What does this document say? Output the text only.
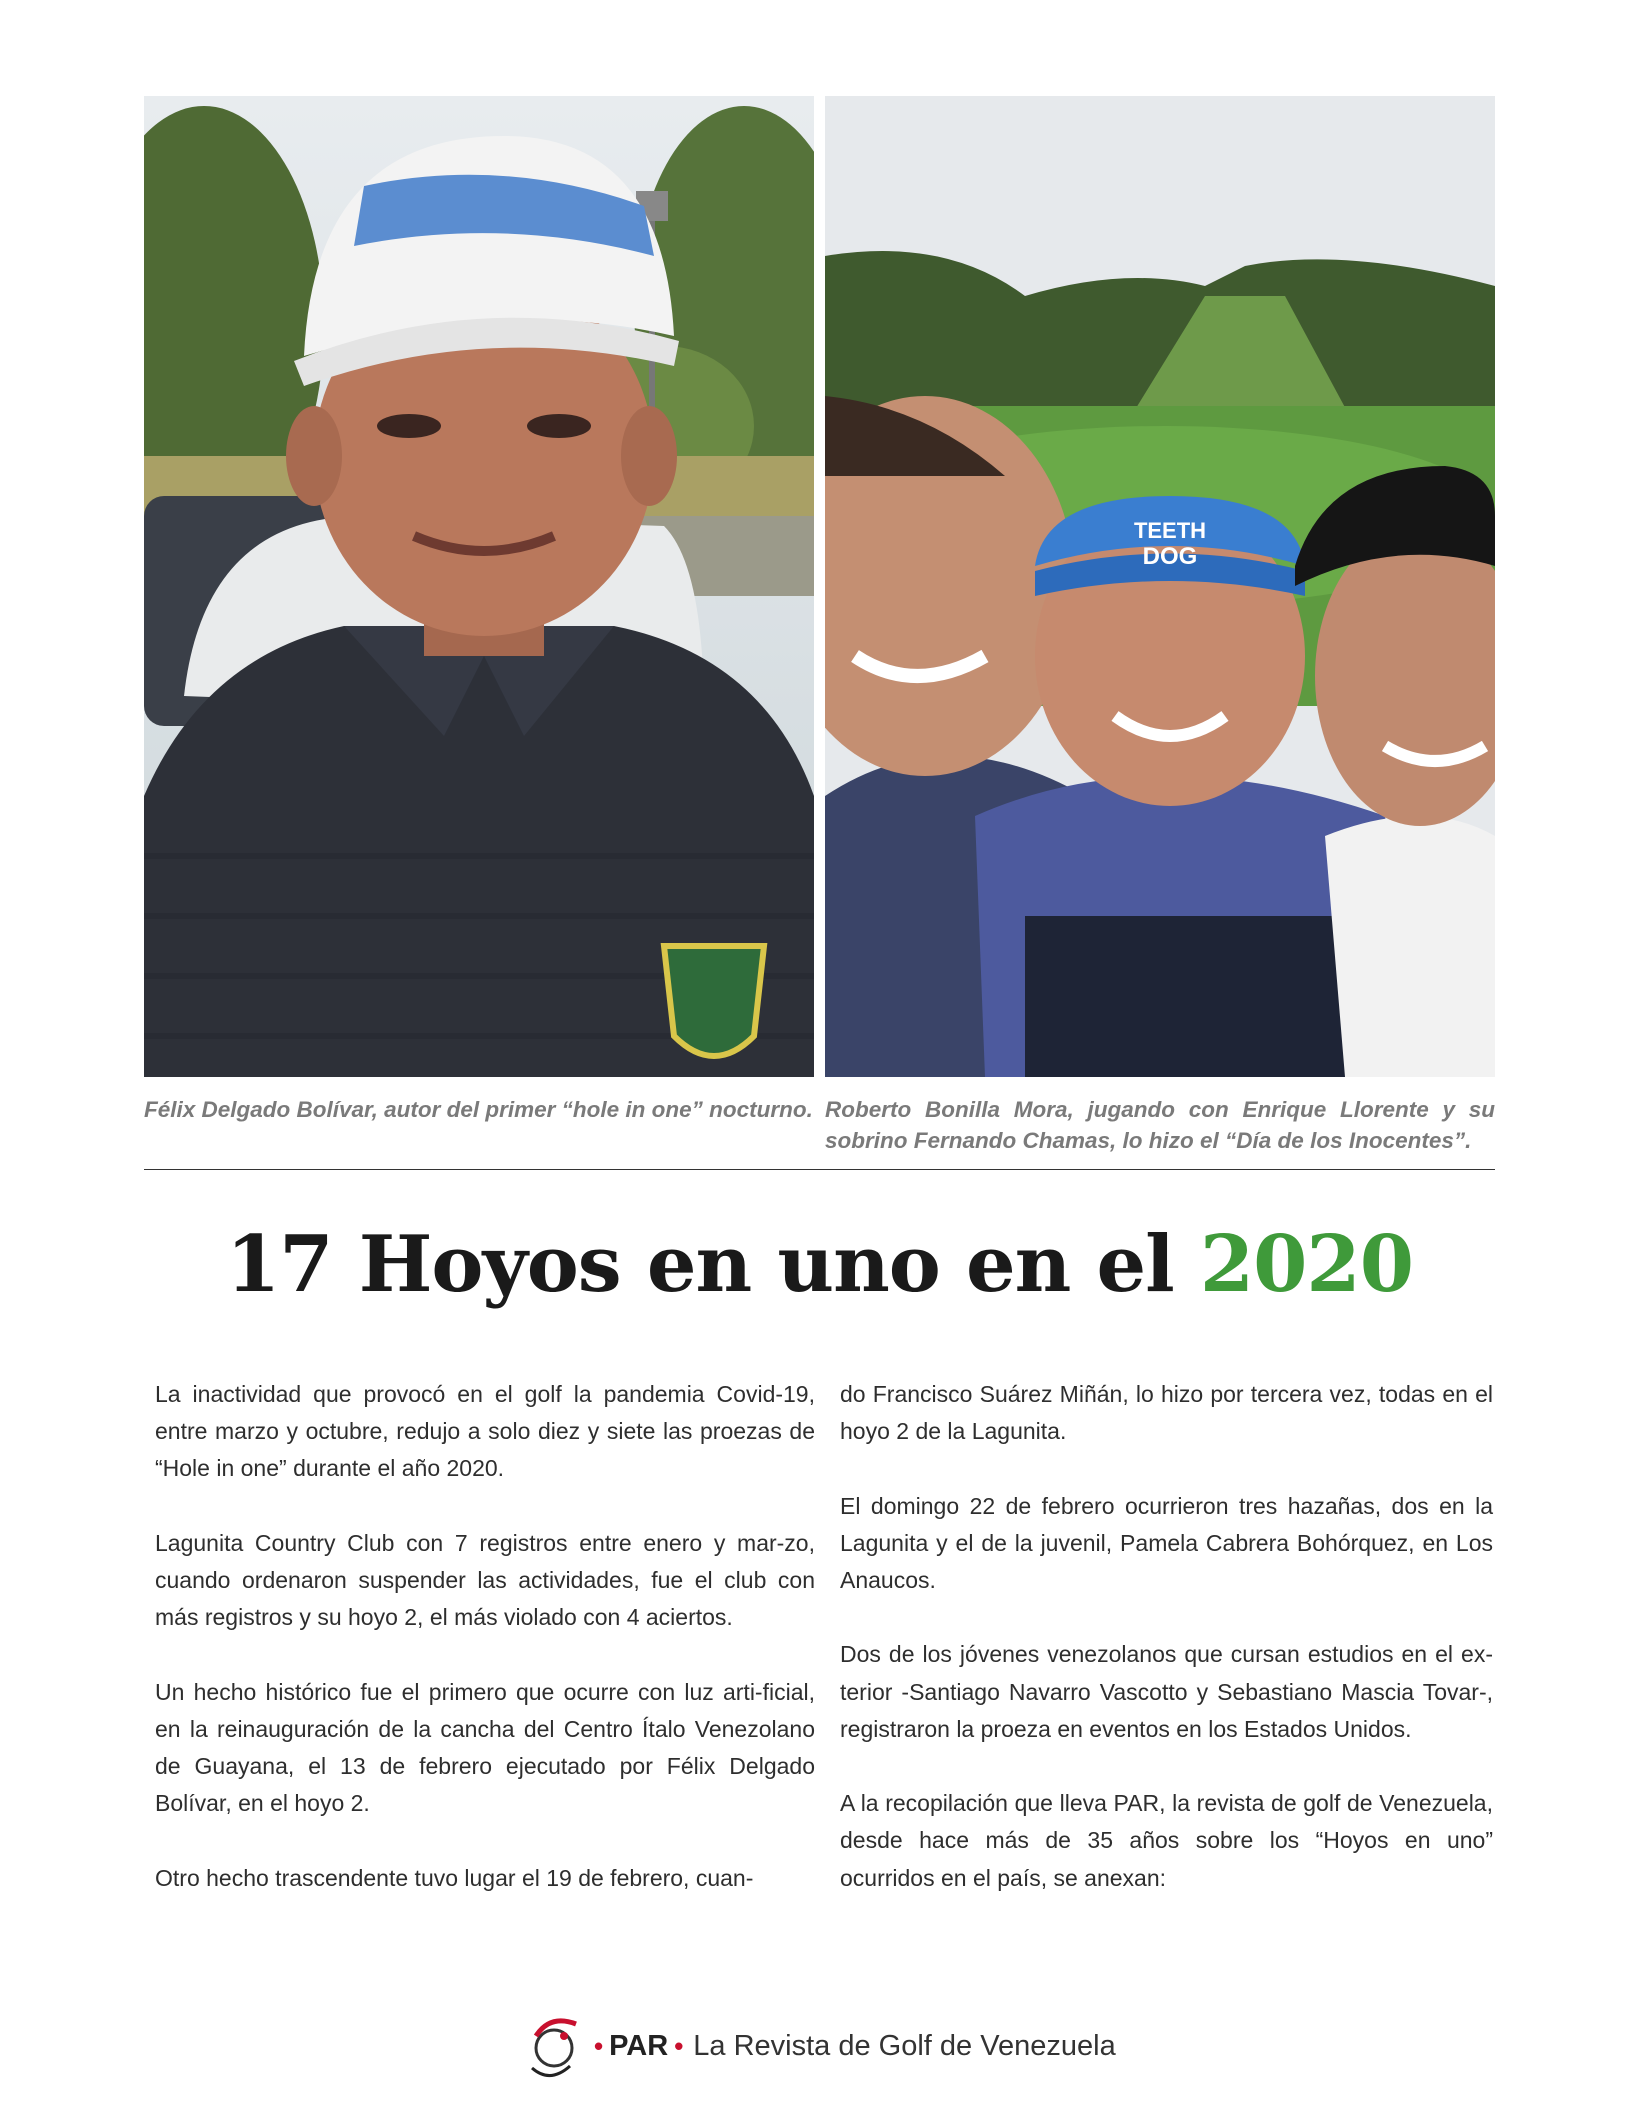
TEETH
DOG

Félix Delgado Bolívar, autor del primer “hole in one” nocturno. Roberto Bonilla Mora, jugando con Enrique Llorente y su sobrino Fernando Chamas, lo hizo el “Día de los Inocentes”.

17 Hoyos en uno en el 2020

La inactividad que provocó en el golf la pandemia Covid-19, entre marzo y octubre, redujo a solo diez y siete las proezas de “Hole in one” durante el año 2020.

Lagunita Country Club con 7 registros entre enero y mar-zo, cuando ordenaron suspender las actividades, fue el club con más registros y su hoyo 2, el más violado con 4 aciertos.

Un hecho histórico fue el primero que ocurre con luz arti-ficial, en la reinauguración de la cancha del Centro Ítalo Venezolano de Guayana, el 13 de febrero ejecutado por Félix Delgado Bolívar, en el hoyo 2.

Otro hecho trascendente tuvo lugar el 19 de febrero, cuan-

do Francisco Suárez Miñán, lo hizo por tercera vez, todas en el hoyo 2 de la Lagunita.

El domingo 22 de febrero ocurrieron tres hazañas, dos en la Lagunita y el de la juvenil, Pamela Cabrera Bohórquez, en Los Anaucos.

Dos de los jóvenes venezolanos que cursan estudios en el ex-terior -Santiago Navarro Vascotto y Sebastiano Mascia Tovar-, registraron la proeza en eventos en los Estados Unidos.

A la recopilación que lleva PAR, la revista de golf de Venezuela, desde hace más de 35 años sobre los “Hoyos en uno” ocurridos en el país, se anexan:

• PAR • La Revista de Golf de Venezuela
